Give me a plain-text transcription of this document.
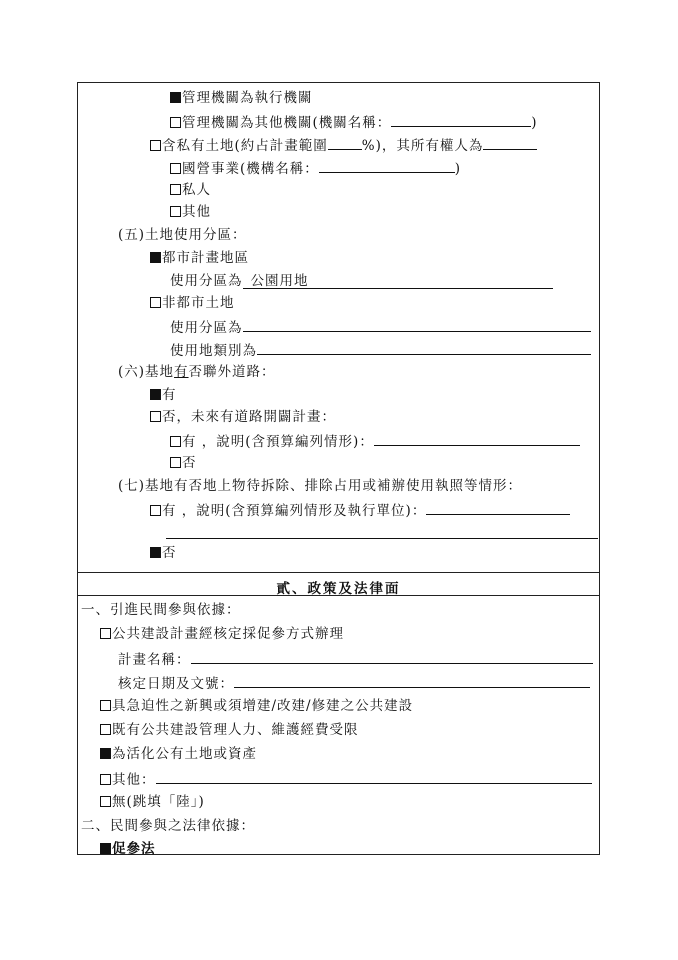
管理機關為執行機關
管理機關為其他機關(機關名稱：	)
含私有土地(約占計畫範圍	%)，其所有權人為
國營事業(機構名稱：	)
私人
其他
(五)土地使用分區：
都市計畫地區
使用分區為 公園用地
非都市土地
使用分區為
使用地類別為
(六)基地有否聯外道路：
有
否，未來有道路開闢計畫：
有 ，說明(含預算編列情形)：
否
(七)基地有否地上物待拆除、排除占用或補辦使用執照等情形：
有 ，說明(含預算編列情形及執行單位)：
否
貳、政策及法律面
一、引進民間參與依據：
公共建設計畫經核定採促參方式辦理
計畫名稱：
核定日期及文號：
具急迫性之新興或須增建/改建/修建之公共建設
既有公共建設管理人力、維護經費受限
為活化公有土地或資產
其他：
無(跳填「陸」)
二、民間參與之法律依據：
促參法
